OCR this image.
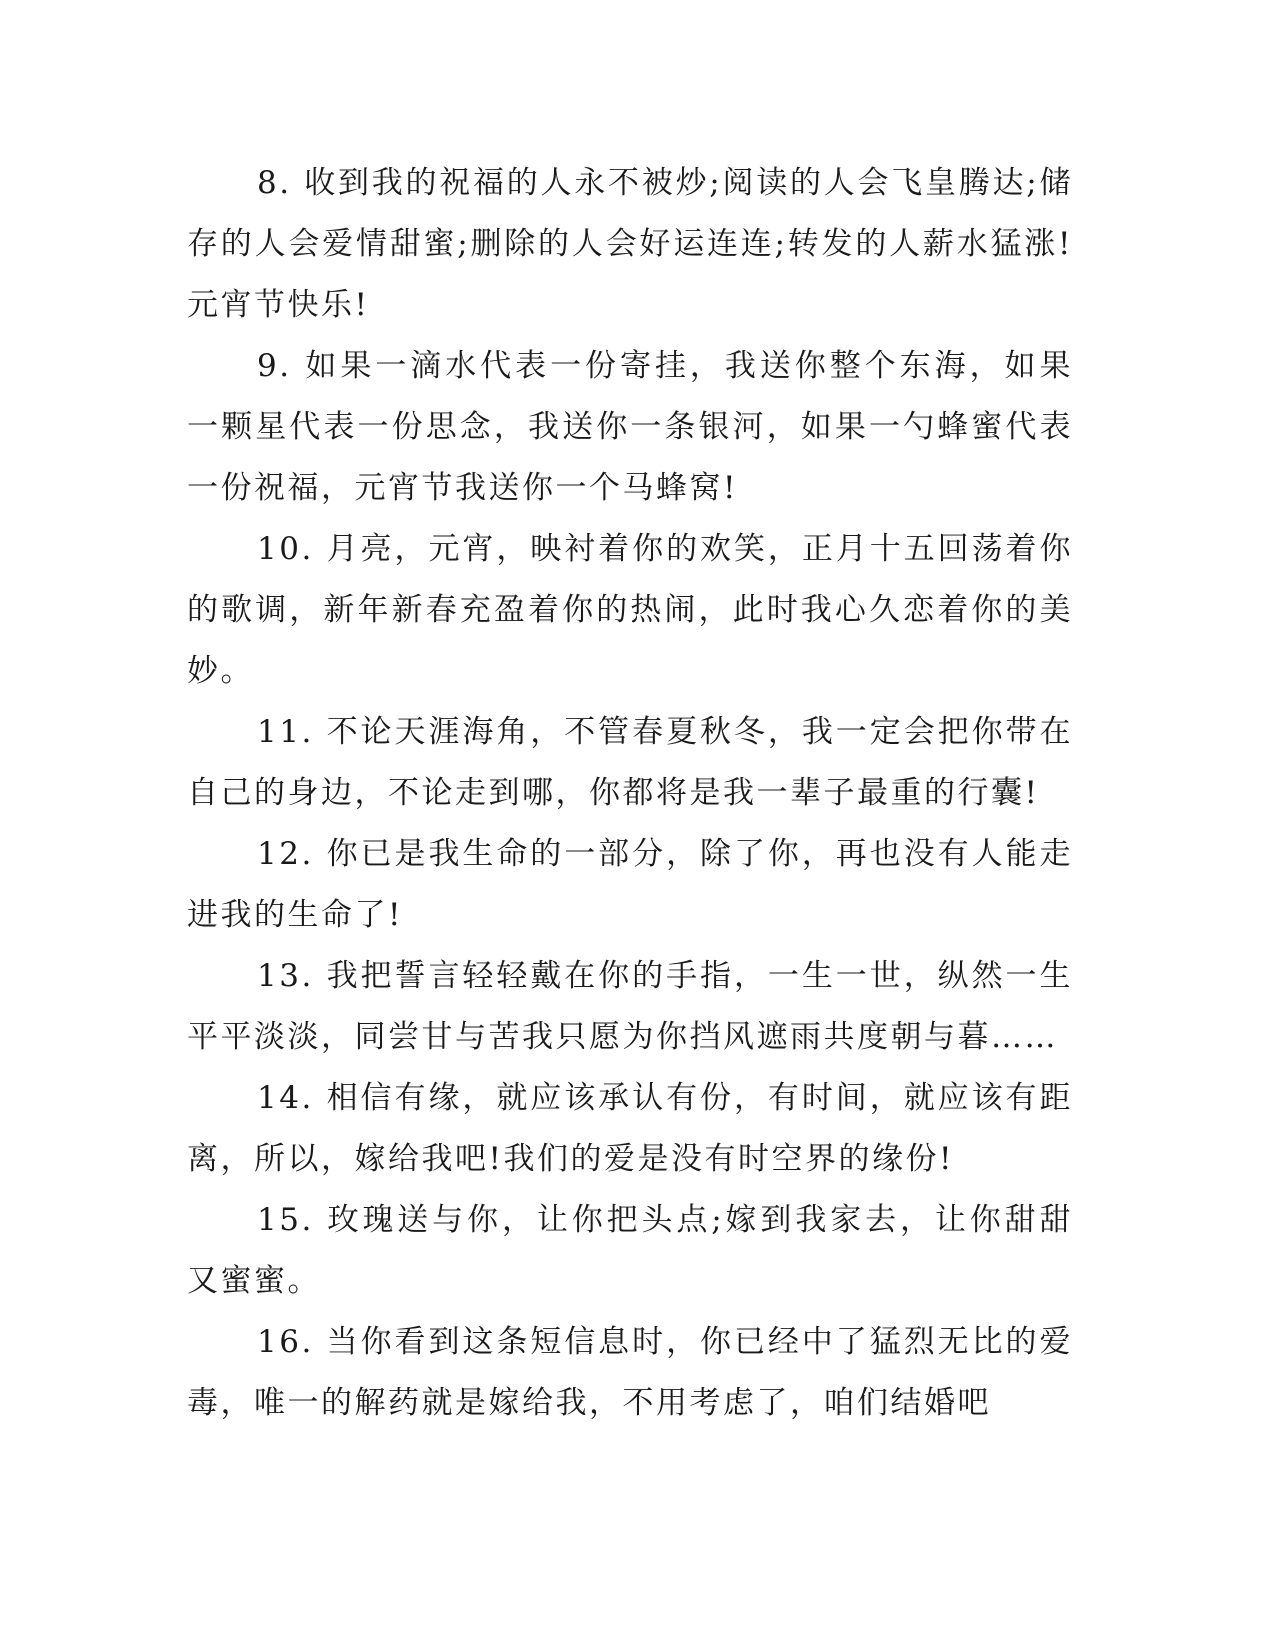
8. 收到我的祝福的人永不被炒;阅读的人会飞皇腾达;储存的人会爱情甜蜜;删除的人会好运连连;转发的人薪水猛涨!元宵节快乐!

9. 如果一滴水代表一份寄挂，我送你整个东海，如果一颗星代表一份思念，我送你一条银河，如果一勺蜂蜜代表一份祝福，元宵节我送你一个马蜂窝!

10. 月亮，元宵，映衬着你的欢笑，正月十五回荡着你的歌调，新年新春充盈着你的热闹，此时我心久恋着你的美妙。

11. 不论天涯海角，不管春夏秋冬，我一定会把你带在自己的身边，不论走到哪，你都将是我一辈子最重的行囊!

12. 你已是我生命的一部分，除了你，再也没有人能走进我的生命了!

13. 我把誓言轻轻戴在你的手指，一生一世，纵然一生平平淡淡，同尝甘与苦我只愿为你挡风遮雨共度朝与暮……

14. 相信有缘，就应该承认有份，有时间，就应该有距离，所以，嫁给我吧!我们的爱是没有时空界的缘份!

15. 玫瑰送与你，让你把头点;嫁到我家去，让你甜甜又蜜蜜。

16. 当你看到这条短信息时，你已经中了猛烈无比的爱毒，唯一的解药就是嫁给我，不用考虑了，咱们结婚吧
